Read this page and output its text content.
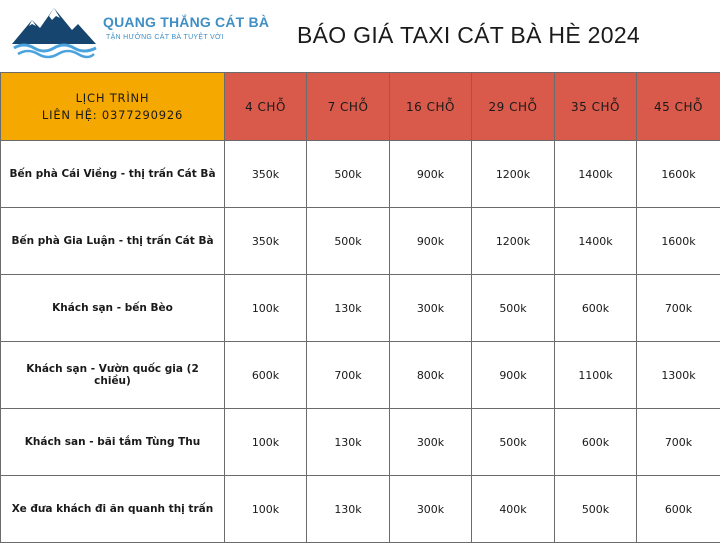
QUANG THẮNG CÁT BÀ
TẬN HƯỞNG CÁT BÀ TUYỆT VỜI	BÁO GIÁ TAXI CÁT BÀ HÈ 2024
LỊCH TRÌNH
LIÊN HỆ: 0377290926	4 CHỖ	7 CHỖ	16 CHỖ	29 CHỖ	35 CHỖ	45 CHỖ
Bến phà Cái Viềng - thị trấn Cát Bà	350k	500k	900k	1200k	1400k	1600k
Bến phà Gia Luận - thị trấn Cát Bà	350k	500k	900k	1200k	1400k	1600k
Khách sạn - bến Bèo	100k	130k	300k	500k	600k	700k
Khách sạn - Vườn quốc gia (2 chiều)	600k	700k	800k	900k	1100k	1300k
Khách san - bãi tắm Tùng Thu	100k	130k	300k	500k	600k	700k
Xe đưa khách đi ăn quanh thị trấn	100k	130k	300k	400k	500k	600k
